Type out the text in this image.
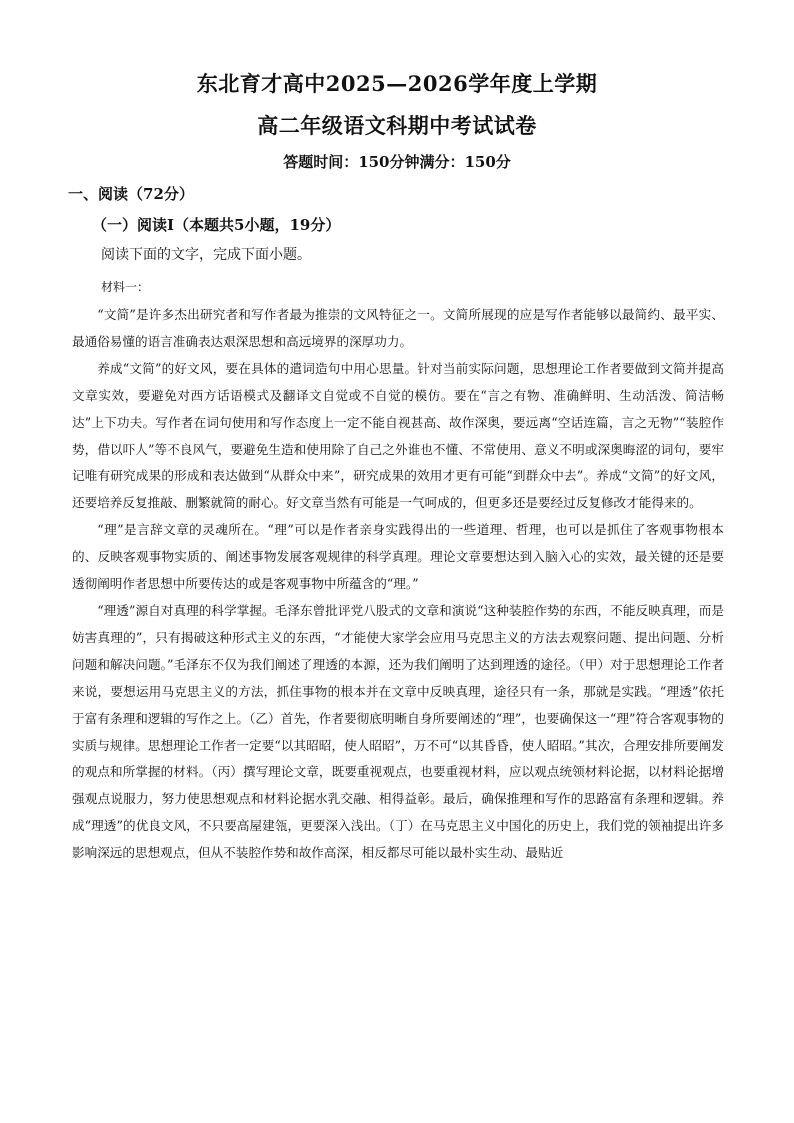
东北育才高中2025—2026学年度上学期
高二年级语文科期中考试试卷
答题时间：150分钟满分：150分
一、阅读（72分）
（一）阅读Ⅰ（本题共5小题，19分）
阅读下面的文字，完成下面小题。
材料一：

“文简”是许多杰出研究者和写作者最为推崇的文风特征之一。文简所展现的应是写作者能够以最简约、最平实、最通俗易懂的语言准确表达艰深思想和高远境界的深厚功力。

养成“文简”的好文风，要在具体的遣词造句中用心思量。针对当前实际问题，思想理论工作者要做到文简并提高文章实效，要避免对西方话语模式及翻译文自觉或不自觉的模仿。要在“言之有物、准确鲜明、生动活泼、简洁畅达”上下功夫。写作者在词句使用和写作态度上一定不能自视甚高、故作深奥，要远离“空话连篇，言之无物”“装腔作势，借以吓人”等不良风气，要避免生造和使用除了自己之外谁也不懂、不常使用、意义不明或深奥晦涩的词句，要牢记唯有研究成果的形成和表达做到“从群众中来”，研究成果的效用才更有可能“到群众中去”。养成“文简”的好文风，还要培养反复推敲、删繁就简的耐心。好文章当然有可能是一气呵成的，但更多还是要经过反复修改才能得来的。

“理”是言辞文章的灵魂所在。“理”可以是作者亲身实践得出的一些道理、哲理，也可以是抓住了客观事物根本的、反映客观事物实质的、阐述事物发展客观规律的科学真理。理论文章要想达到入脑入心的实效，最关键的还是要透彻阐明作者思想中所要传达的或是客观事物中所蕴含的“理。”

“理透”源自对真理的科学掌握。毛泽东曾批评党八股式的文章和演说“这种装腔作势的东西，不能反映真理，而是妨害真理的”，只有揭破这种形式主义的东西，“才能使大家学会应用马克思主义的方法去观察问题、提出问题、分析问题和解决问题。”毛泽东不仅为我们阐述了理透的本源，还为我们阐明了达到理透的途径。（甲）对于思想理论工作者来说，要想运用马克思主义的方法，抓住事物的根本并在文章中反映真理，途径只有一条，那就是实践。“理透”依托于富有条理和逻辑的写作之上。（乙）首先，作者要彻底明晰自身所要阐述的“理”，也要确保这一“理”符合客观事物的实质与规律。思想理论工作者一定要“以其昭昭，使人昭昭”，万不可“以其昏昏，使人昭昭。”其次，合理安排所要阐发的观点和所掌握的材料。（丙）撰写理论文章，既要重视观点，也要重视材料，应以观点统领材料论据，以材料论据增强观点说服力，努力使思想观点和材料论据水乳交融、相得益彰。最后，确保推理和写作的思路富有条理和逻辑。养成“理透”的优良文风，不只要高屋建瓴，更要深入浅出。（丁）在马克思主义中国化的历史上，我们党的领袖提出许多影响深远的思想观点，但从不装腔作势和故作高深，相反都尽可能以最朴实生动、最贴近
